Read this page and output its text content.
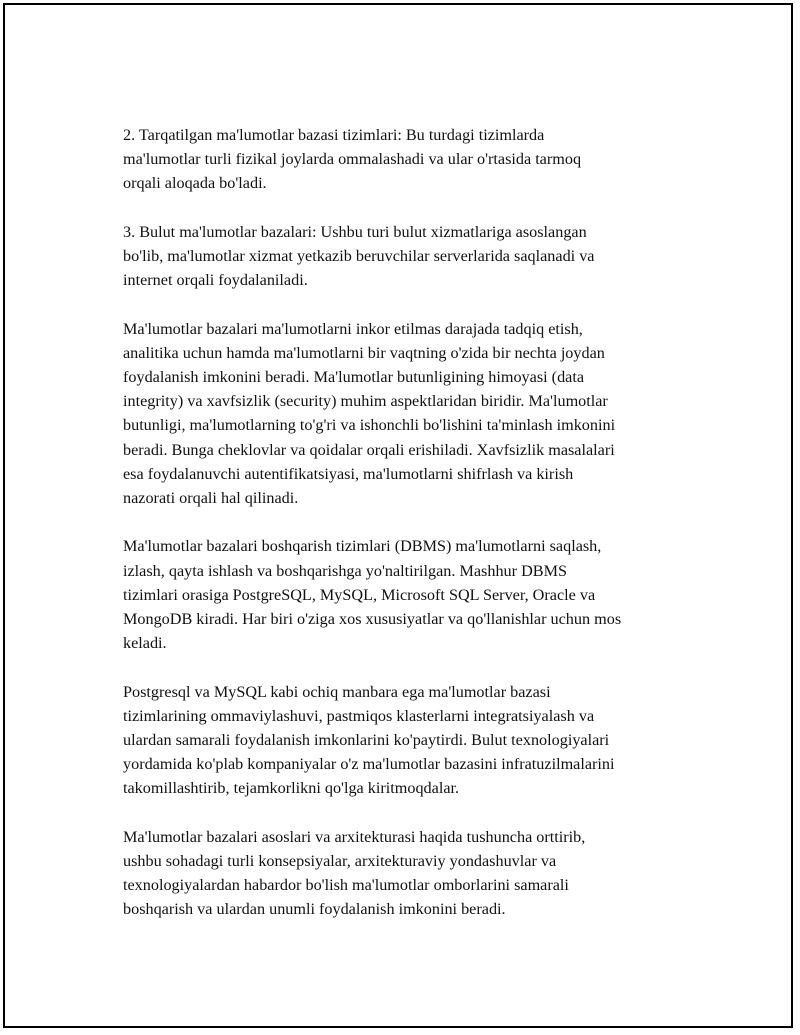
2. Tarqatilgan ma'lumotlar bazasi tizimlari: Bu turdagi tizimlarda
ma'lumotlar turli fizikal joylarda ommalashadi va ular o'rtasida tarmoq
orqali aloqada bo'ladi.

3. Bulut ma'lumotlar bazalari: Ushbu turi bulut xizmatlariga asoslangan
bo'lib, ma'lumotlar xizmat yetkazib beruvchilar serverlarida saqlanadi va
internet orqali foydalaniladi.

Ma'lumotlar bazalari ma'lumotlarni inkor etilmas darajada tadqiq etish,
analitika uchun hamda ma'lumotlarni bir vaqtning o'zida bir nechta joydan
foydalanish imkonini beradi. Ma'lumotlar butunligining himoyasi (data
integrity) va xavfsizlik (security) muhim aspektlaridan biridir. Ma'lumotlar
butunligi, ma'lumotlarning to'g'ri va ishonchli bo'lishini ta'minlash imkonini
beradi. Bunga cheklovlar va qoidalar orqali erishiladi. Xavfsizlik masalalari
esa foydalanuvchi autentifikatsiyasi, ma'lumotlarni shifrlash va kirish
nazorati orqali hal qilinadi.

Ma'lumotlar bazalari boshqarish tizimlari (DBMS) ma'lumotlarni saqlash,
izlash, qayta ishlash va boshqarishga yo'naltirilgan. Mashhur DBMS
tizimlari orasiga PostgreSQL, MySQL, Microsoft SQL Server, Oracle va
MongoDB kiradi. Har biri o'ziga xos xususiyatlar va qo'llanishlar uchun mos
keladi.

Postgresql va MySQL kabi ochiq manbara ega ma'lumotlar bazasi
tizimlarining ommaviylashuvi, pastmiqos klasterlarni integratsiyalash va
ulardan samarali foydalanish imkonlarini ko'paytirdi. Bulut texnologiyalari
yordamida ko'plab kompaniyalar o'z ma'lumotlar bazasini infratuzilmalarini
takomillashtirib, tejamkorlikni qo'lga kiritmoqdalar.

Ma'lumotlar bazalari asoslari va arxitekturasi haqida tushuncha orttirib,
ushbu sohadagi turli konsepsiyalar, arxitekturaviy yondashuvlar va
texnologiyalardan habardor bo'lish ma'lumotlar omborlarini samarali
boshqarish va ulardan unumli foydalanish imkonini beradi.
